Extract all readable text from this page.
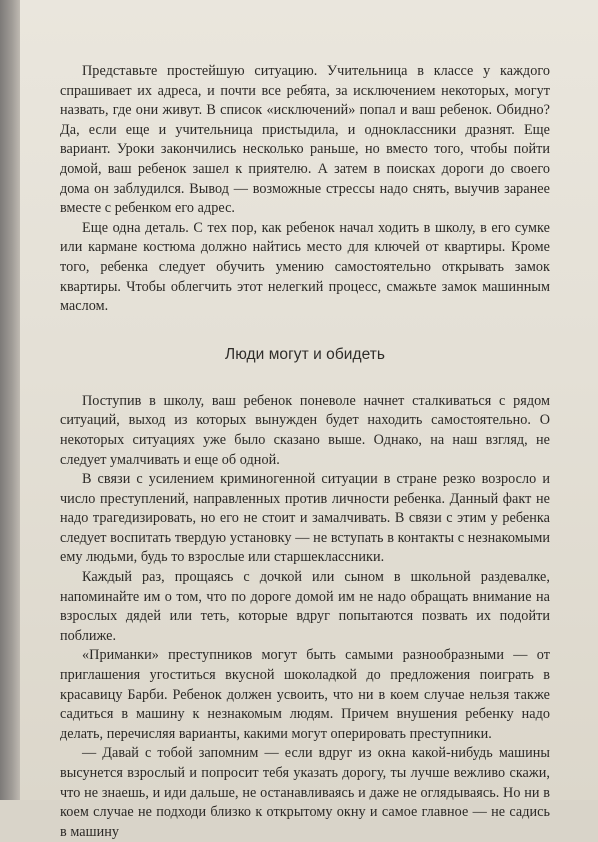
Представьте простейшую ситуацию. Учительница в классе у каждого спрашивает их адреса, и почти все ребята, за исключением некоторых, могут назвать, где они живут. В список «исключений» попал и ваш ребенок. Обидно? Да, если еще и учительница пристыдила, и одноклассники дразнят. Еще вариант. Уроки закончились несколько раньше, но вместо того, чтобы пойти домой, ваш ребенок зашел к приятелю. А затем в поисках дороги до своего дома он заблудился. Вывод — возможные стрессы надо снять, выучив заранее вместе с ребенком его адрес.

Еще одна деталь. С тех пор, как ребенок начал ходить в школу, в его сумке или кармане костюма должно найтись место для ключей от квартиры. Кроме того, ребенка следует обучить умению самостоятельно открывать замок квартиры. Чтобы облегчить этот нелегкий процесс, смажьте замок машинным маслом.

Люди могут и обидеть

Поступив в школу, ваш ребенок поневоле начнет сталкиваться с рядом ситуаций, выход из которых вынужден будет находить самостоятельно. О некоторых ситуациях уже было сказано выше. Однако, на наш взгляд, не следует умалчивать и еще об одной.

В связи с усилением криминогенной ситуации в стране резко возросло и число преступлений, направленных против личности ребенка. Данный факт не надо трагедизировать, но его не стоит и замалчивать. В связи с этим у ребенка следует воспитать твердую установку — не вступать в контакты с незнакомыми ему людьми, будь то взрослые или старшеклассники.

Каждый раз, прощаясь с дочкой или сыном в школьной раздевалке, напоминайте им о том, что по дороге домой им не надо обращать внимание на взрослых дядей или теть, которые вдруг попытаются позвать их подойти поближе.

«Приманки» преступников могут быть самыми разнообразными — от приглашения угоститься вкусной шоколадкой до предложения поиграть в красавицу Барби. Ребенок должен усвоить, что ни в коем случае нельзя также садиться в машину к незнакомым людям. Причем внушения ребенку надо делать, перечисляя варианты, какими могут оперировать преступники.

— Давай с тобой запомним — если вдруг из окна какой-нибудь машины высунется взрослый и попросит тебя указать дорогу, ты лучше вежливо скажи, что не знаешь, и иди дальше, не останавливаясь и даже не оглядываясь. Но ни в коем случае не подходи близко к открытому окну и самое главное — не садись в машину
